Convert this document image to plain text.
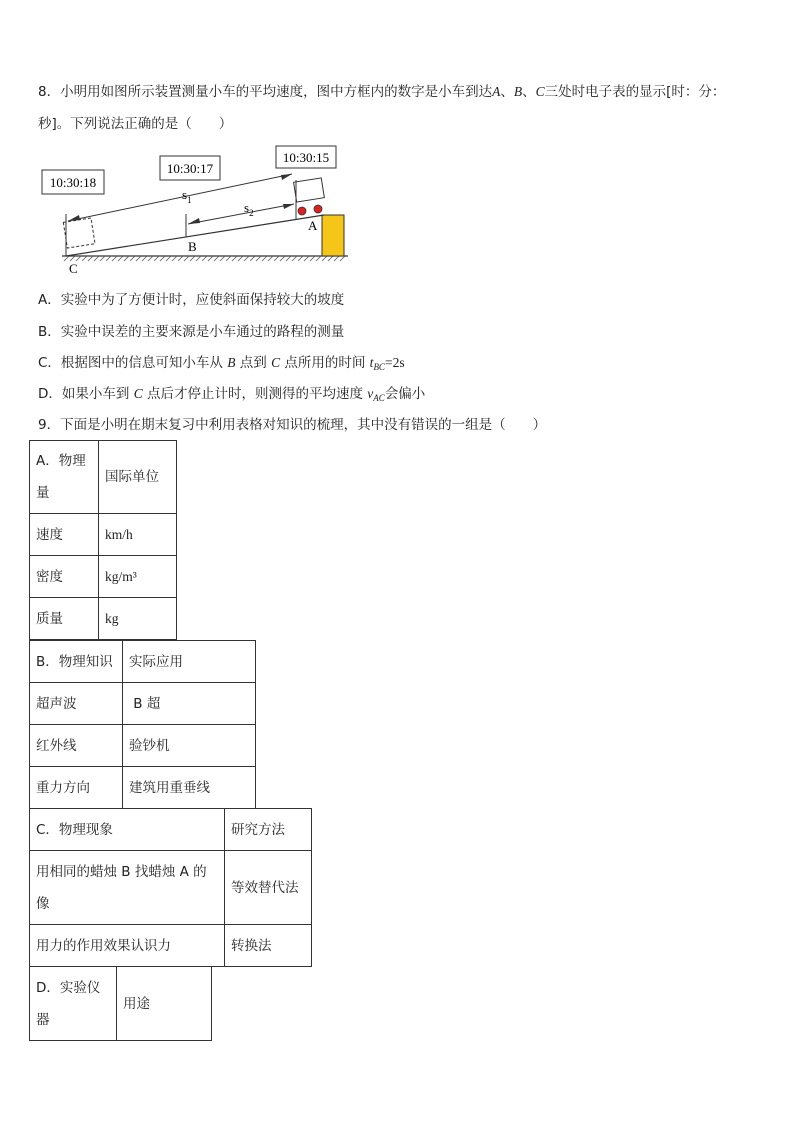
8．小明用如图所示装置测量小车的平均速度，图中方框内的数字是小车到达A、B、C三处时电子表的显示[时：分：
秒]。下列说法正确的是（　　）
10:30:18
10:30:17
10:30:15
$s_1$	$s_2$
A
B
C
A．实验中为了方便计时，应使斜面保持较大的坡度
B．实验中误差的主要来源是小车通过的路程的测量
C．根据图中的信息可知小车从 B 点到 C 点所用的时间 $t_{BC}=2s$
D．如果小车到 C 点后才停止计时，则测得的平均速度 $v_{AC}$会偏小
9．下面是小明在期末复习中利用表格对知识的梳理，其中没有错误的一组是（　　）
A．物理量	国际单位
速度	km/h
密度	kg/m³
质量	kg
B．物理知识	实际应用
超声波	B 超
红外线	验钞机
重力方向	建筑用重垂线
C．物理现象	研究方法
用相同的蜡烛 B 找蜡烛 A 的像	等效替代法
用力的作用效果认识力	转换法
D．实验仪器	用途
